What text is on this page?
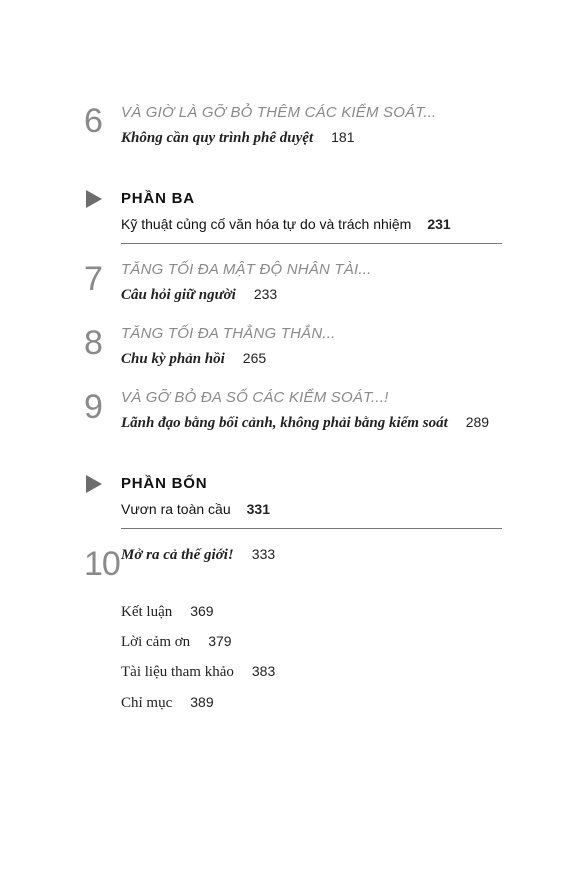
6 VÀ GIỜ LÀ GỠ BỎ THÊM CÁC KIỂM SOÁT...
Không cần quy trình phê duyệt 181
PHẦN BA
Kỹ thuật củng cố văn hóa tự do và trách nhiệm 231
7 TĂNG TỐI ĐA MẬT ĐỘ NHÂN TÀI...
Câu hỏi giữ người 233
8 TĂNG TỐI ĐA THẲNG THẮN...
Chu kỳ phản hồi 265
9 VÀ GỠ BỎ ĐA SỐ CÁC KIỂM SOÁT...!
Lãnh đạo bằng bối cảnh, không phải bằng kiểm soát 289
PHẦN BỐN
Vươn ra toàn cầu 331
10 Mở ra cả thế giới! 333
Kết luận 369
Lời cảm ơn 379
Tài liệu tham khảo 383
Chỉ mục 389
